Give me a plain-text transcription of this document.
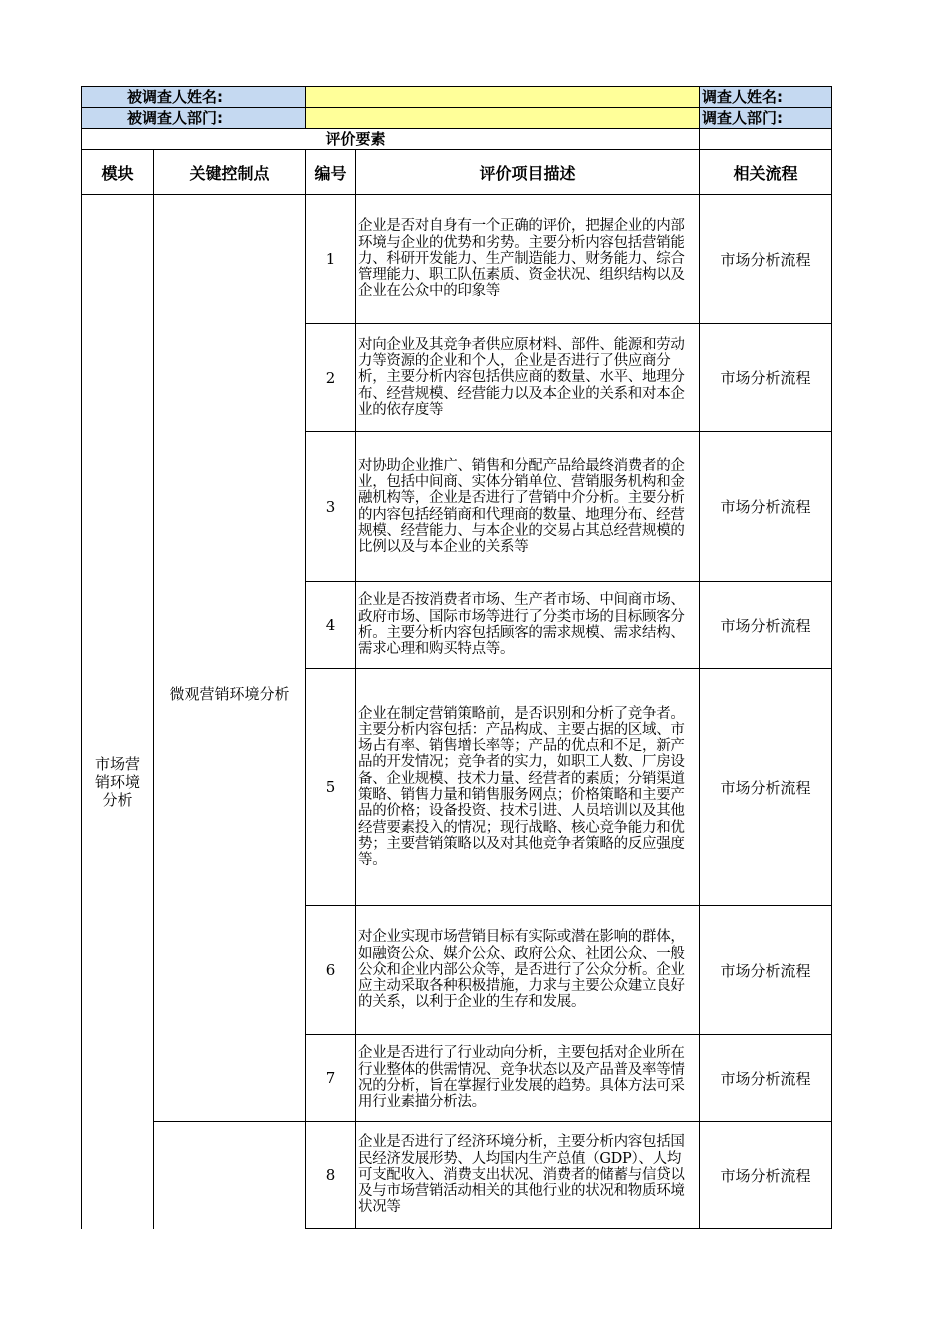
被调查人姓名:				调查人姓名:
被调查人部门:				调查人部门:
评价要素				
模块	关键控制点	编号	评价项目描述	相关流程

市场营销环境分析	微观营销环境分析	1	企业是否对自身有一个正确的评价，把握企业的内部环境与企业的优势和劣势。主要分析内容包括营销能力、科研开发能力、生产制造能力、财务能力、综合管理能力、职工队伍素质、资金状况、组织结构以及企业在公众中的印象等	市场分析流程
		2	对向企业及其竞争者供应原材料、部件、能源和劳动力等资源的企业和个人，企业是否进行了供应商分析，主要分析内容包括供应商的数量、水平、地理分布、经营规模、经营能力以及本企业的关系和对本企业的依存度等	市场分析流程
		3	对协助企业推广、销售和分配产品给最终消费者的企业，包括中间商、实体分销单位、营销服务机构和金融机构等，企业是否进行了营销中介分析。主要分析的内容包括经销商和代理商的数量、地理分布、经营规模、经营能力、与本企业的交易占其总经营规模的比例以及与本企业的关系等	市场分析流程
		4	企业是否按消费者市场、生产者市场、中间商市场、政府市场、国际市场等进行了分类市场的目标顾客分析。主要分析内容包括顾客的需求规模、需求结构、需求心理和购买特点等。	市场分析流程
		5	企业在制定营销策略前，是否识别和分析了竞争者。主要分析内容包括：产品构成、主要占据的区域、市场占有率、销售增长率等；产品的优点和不足，新产品的开发情况；竞争者的实力，如职工人数、厂房设备、企业规模、技术力量、经营者的素质；分销渠道策略、销售力量和销售服务网点；价格策略和主要产品的价格；设备投资、技术引进、人员培训以及其他经营要素投入的情况；现行战略、核心竞争能力和优势；主要营销策略以及对其他竞争者策略的反应强度等。	市场分析流程
		6	对企业实现市场营销目标有实际或潜在影响的群体，如融资公众、媒介公众、政府公众、社团公众、一般公众和企业内部公众等，是否进行了公众分析。企业应主动采取各种积极措施，力求与主要公众建立良好的关系，以利于企业的生存和发展。	市场分析流程
		7	企业是否进行了行业动向分析，主要包括对企业所在行业整体的供需情况、竞争状态以及产品普及率等情况的分析，旨在掌握行业发展的趋势。具体方法可采用行业素描分析法。	市场分析流程
		8	企业是否进行了经济环境分析，主要分析内容包括国民经济发展形势、人均国内生产总值（GDP）、人均可支配收入、消费支出状况、消费者的储蓄与信贷以及与市场营销活动相关的其他行业的状况和物质环境状况等	市场分析流程
